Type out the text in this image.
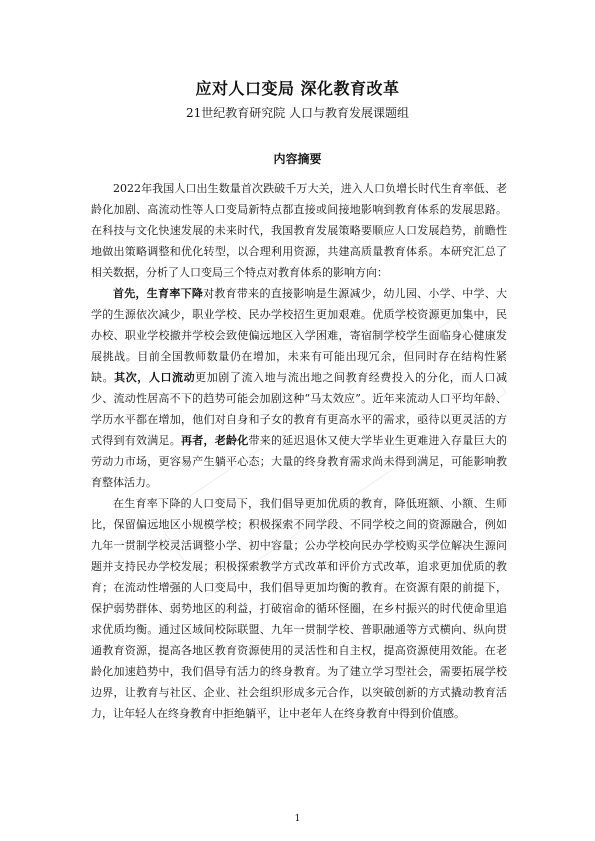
应对人口变局 深化教育改革
21世纪教育研究院 人口与教育发展课题组
内容摘要

2022年我国人口出生数量首次跌破千万大关，进入人口负增长时代生育率低、老龄化加剧、高流动性等人口变局新特点都直接或间接地影响到教育体系的发展思路。在科技与文化快速发展的未来时代，我国教育发展策略要顺应人口发展趋势，前瞻性地做出策略调整和优化转型，以合理利用资源，共建高质量教育体系。本研究汇总了相关数据，分析了人口变局三个特点对教育体系的影响方向：

首先，生育率下降对教育带来的直接影响是生源减少，幼儿园、小学、中学、大学的生源依次减少，职业学校、民办学校招生更加艰难。优质学校资源更加集中，民办校、职业学校撤并学校会致使偏远地区入学困难，寄宿制学校学生面临身心健康发展挑战。目前全国教师数量仍在增加，未来有可能出现冗余，但同时存在结构性紧缺。其次，人口流动更加剧了流入地与流出地之间教育经费投入的分化，而人口减少、流动性居高不下的趋势可能会加剧这种“马太效应”。近年来流动人口平均年龄、学历水平都在增加，他们对自身和子女的教育有更高水平的需求，亟待以更灵活的方式得到有效满足。再者，老龄化带来的延迟退休又使大学毕业生更难进入存量巨大的劳动力市场，更容易产生躺平心态；大量的终身教育需求尚未得到满足，可能影响教育整体活力。

在生育率下降的人口变局下，我们倡导更加优质的教育，降低班额、小额、生师比，保留偏远地区小规模学校；积极探索不同学段、不同学校之间的资源融合，例如九年一贯制学校灵活调整小学、初中容量；公办学校向民办学校购买学位解决生源问题并支持民办学校发展；积极探索教学方式改革和评价方式改革，追求更加优质的教育；在流动性增强的人口变局中，我们倡导更加均衡的教育。在资源有限的前提下，保护弱势群体、弱势地区的利益，打破宿命的循环怪圈，在乡村振兴的时代使命里追求优质均衡。通过区域间校际联盟、九年一贯制学校、普职融通等方式横向、纵向贯通教育资源，提高各地区教育资源使用的灵活性和自主权，提高资源使用效能。在老龄化加速趋势中，我们倡导有活力的终身教育。为了建立学习型社会，需要拓展学校边界，让教育与社区、企业、社会组织形成多元合作，以突破创新的方式撬动教育活力，让年轻人在终身教育中拒绝躺平，让中老年人在终身教育中得到价值感。

1
